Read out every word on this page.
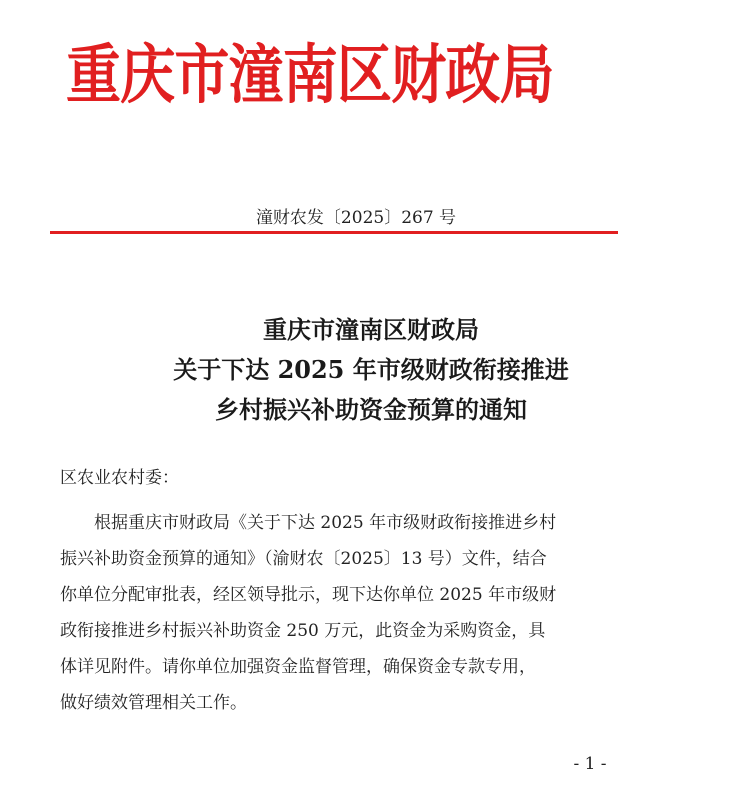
重庆市潼南区财政局
潼财农发〔2025〕267 号
重庆市潼南区财政局
关于下达 2025 年市级财政衔接推进
乡村振兴补助资金预算的通知
区农业农村委：
根据重庆市财政局《关于下达 2025 年市级财政衔接推进乡村
振兴补助资金预算的通知》（渝财农〔2025〕13 号）文件，结合
你单位分配审批表，经区领导批示，现下达你单位 2025 年市级财
政衔接推进乡村振兴补助资金 250 万元，此资金为采购资金，具
体详见附件。请你单位加强资金监督管理，确保资金专款专用，
做好绩效管理相关工作。
- 1 -
